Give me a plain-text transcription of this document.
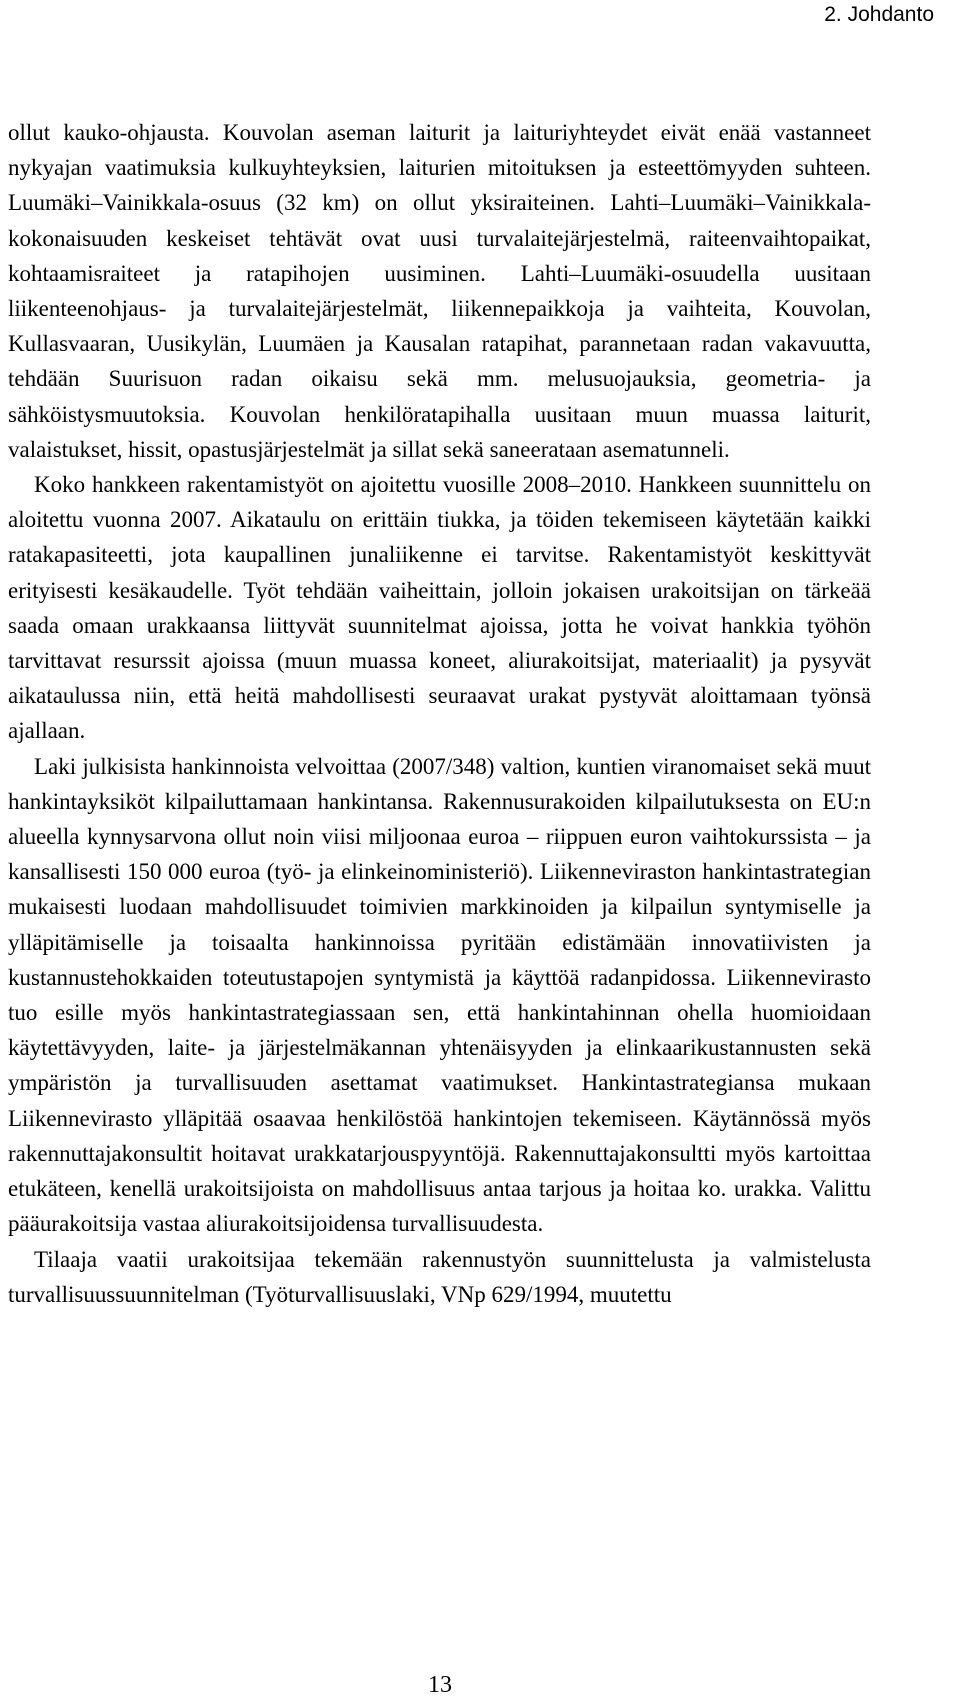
2. Johdanto

ollut kauko-ohjausta. Kouvolan aseman laiturit ja laituriyhteydet eivät enää vastanneet nykyajan vaatimuksia kulkuyhteyksien, laiturien mitoituksen ja esteettömyyden suhteen. Luumäki–Vainikkala-osuus (32 km) on ollut yksiraiteinen. Lahti–Luumäki–Vainikkala-kokonaisuuden keskeiset tehtävät ovat uusi turvalaitejärjestelmä, raiteenvaihtopaikat, kohtaamisraiteet ja ratapihojen uusiminen. Lahti–Luumäki-osuudella uusitaan liikenteenohjaus- ja turvalaitejärjestelmät, liikennepaikkoja ja vaihteita, Kouvolan, Kullasvaaran, Uusikylän, Luumäen ja Kausalan ratapihat, parannetaan radan vakavuutta, tehdään Suurisuon radan oikaisu sekä mm. melusuojauksia, geometria- ja sähköistysmuutoksia. Kouvolan henkilöratapihalla uusitaan muun muassa laiturit, valaistukset, hissit, opastusjärjestelmät ja sillat sekä saneerataan asematunneli.

Koko hankkeen rakentamistyöt on ajoitettu vuosille 2008–2010. Hankkeen suunnittelu on aloitettu vuonna 2007. Aikataulu on erittäin tiukka, ja töiden tekemiseen käytetään kaikki ratakapasiteetti, jota kaupallinen junaliikenne ei tarvitse. Rakentamistyöt keskittyvät erityisesti kesäkaudelle. Työt tehdään vaiheittain, jolloin jokaisen urakoitsijan on tärkeää saada omaan urakkaansa liittyvät suunnitelmat ajoissa, jotta he voivat hankkia työhön tarvittavat resurssit ajoissa (muun muassa koneet, aliurakoitsijat, materiaalit) ja pysyvät aikataulussa niin, että heitä mahdollisesti seuraavat urakat pystyvät aloittamaan työnsä ajallaan.

Laki julkisista hankinnoista velvoittaa (2007/348) valtion, kuntien viranomaiset sekä muut hankintayksiköt kilpailuttamaan hankintansa. Rakennusurakoiden kilpailutuksesta on EU:n alueella kynnysarvona ollut noin viisi miljoonaa euroa – riippuen euron vaihtokurssista – ja kansallisesti 150 000 euroa (työ- ja elinkeinoministeriö). Liikenneviraston hankintastrategian mukaisesti luodaan mahdollisuudet toimivien markkinoiden ja kilpailun syntymiselle ja ylläpitämiselle ja toisaalta hankinnoissa pyritään edistämään innovatiivisten ja kustannustehokkaiden toteutustapojen syntymistä ja käyttöä radanpidossa. Liikennevirasto tuo esille myös hankintastrategiassaan sen, että hankintahinnan ohella huomioidaan käytettävyyden, laite- ja järjestelmäkannan yhtenäisyyden ja elinkaarikustannusten sekä ympäristön ja turvallisuuden asettamat vaatimukset. Hankintastrategiansa mukaan Liikennevirasto ylläpitää osaavaa henkilöstöä hankintojen tekemiseen. Käytännössä myös rakennuttajakonsultit hoitavat urakkatarjouspyyntöjä. Rakennuttajakonsultti myös kartoittaa etukäteen, kenellä urakoitsijoista on mahdollisuus antaa tarjous ja hoitaa ko. urakka. Valittu pääurakoitsija vastaa aliurakoitsijoidensa turvallisuudesta.

Tilaaja vaatii urakoitsijaa tekemään rakennustyön suunnittelusta ja valmistelusta turvallisuussuunnitelman (Työturvallisuuslaki, VNp 629/1994, muutettu

13
